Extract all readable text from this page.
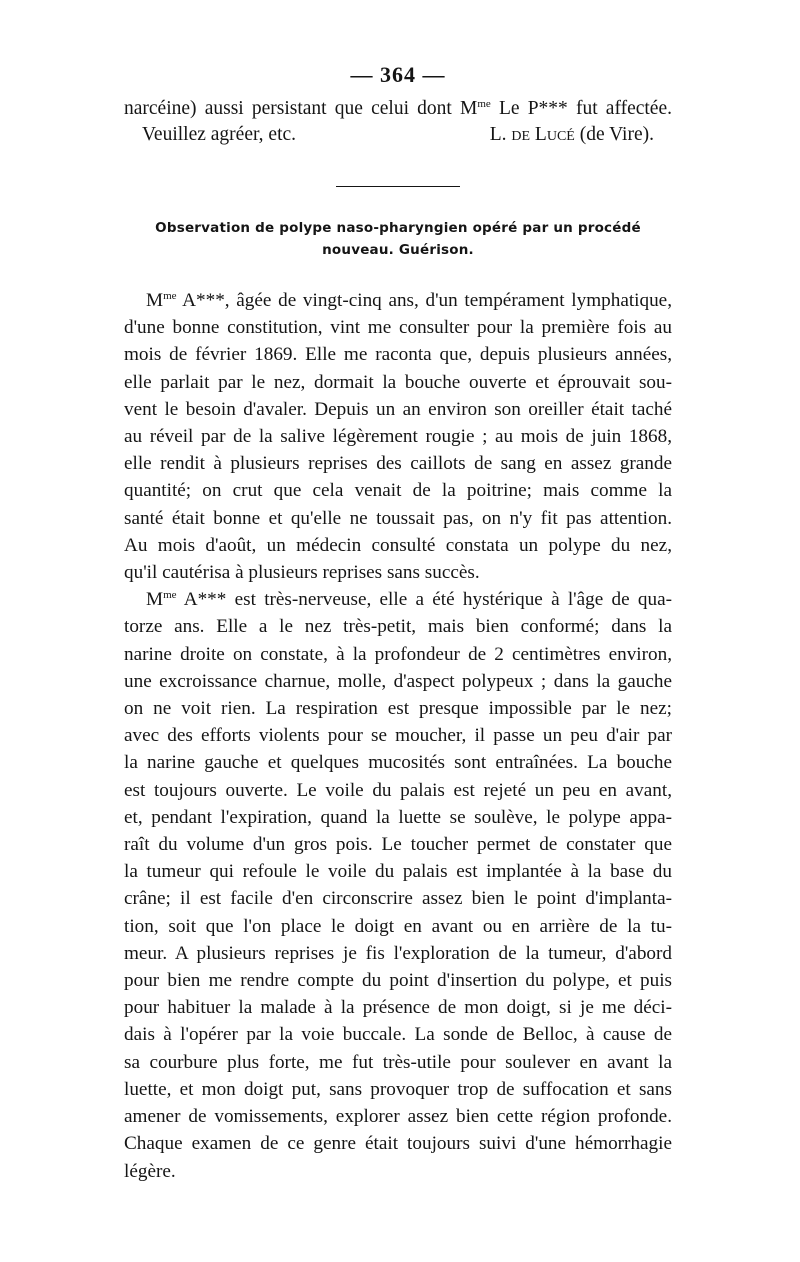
— 364 —

narcéine) aussi persistant que celui dont $M^{me}$ Le P*** fut affectée.

Veuillez agréer, etc.	L. de Lucé (de Vire).
Observation de polype naso-pharyngien opéré par un procédé
nouveau. Guérison.

$M^{me}$ A***, âgée de vingt-cinq ans, d'un tempérament lymphatique,
d'une bonne constitution, vint me consulter pour la première fois au
mois de février 1869. Elle me raconta que, depuis plusieurs années,
elle parlait par le nez, dormait la bouche ouverte et éprouvait sou-
vent le besoin d'avaler. Depuis un an environ son oreiller était taché
au réveil par de la salive légèrement rougie ; au mois de juin 1868,
elle rendit à plusieurs reprises des caillots de sang en assez grande
quantité; on crut que cela venait de la poitrine; mais comme la
santé était bonne et qu'elle ne toussait pas, on n'y fit pas attention.
Au mois d'août, un médecin consulté constata un polype du nez,
qu'il cautérisa à plusieurs reprises sans succès.

$M^{me}$ A*** est très-nerveuse, elle a été hystérique à l'âge de qua-
torze ans. Elle a le nez très-petit, mais bien conformé; dans la
narine droite on constate, à la profondeur de 2 centimètres environ,
une excroissance charnue, molle, d'aspect polypeux ; dans la gauche
on ne voit rien. La respiration est presque impossible par le nez;
avec des efforts violents pour se moucher, il passe un peu d'air par
la narine gauche et quelques mucosités sont entraînées. La bouche
est toujours ouverte. Le voile du palais est rejeté un peu en avant,
et, pendant l'expiration, quand la luette se soulève, le polype appa-
raît du volume d'un gros pois. Le toucher permet de constater que
la tumeur qui refoule le voile du palais est implantée à la base du
crâne; il est facile d'en circonscrire assez bien le point d'implanta-
tion, soit que l'on place le doigt en avant ou en arrière de la tu-
meur. A plusieurs reprises je fis l'exploration de la tumeur, d'abord
pour bien me rendre compte du point d'insertion du polype, et puis
pour habituer la malade à la présence de mon doigt, si je me déci-
dais à l'opérer par la voie buccale. La sonde de Belloc, à cause de
sa courbure plus forte, me fut très-utile pour soulever en avant la
luette, et mon doigt put, sans provoquer trop de suffocation et sans
amener de vomissements, explorer assez bien cette région profonde.
Chaque examen de ce genre était toujours suivi d'une hémorrhagie
légère.
